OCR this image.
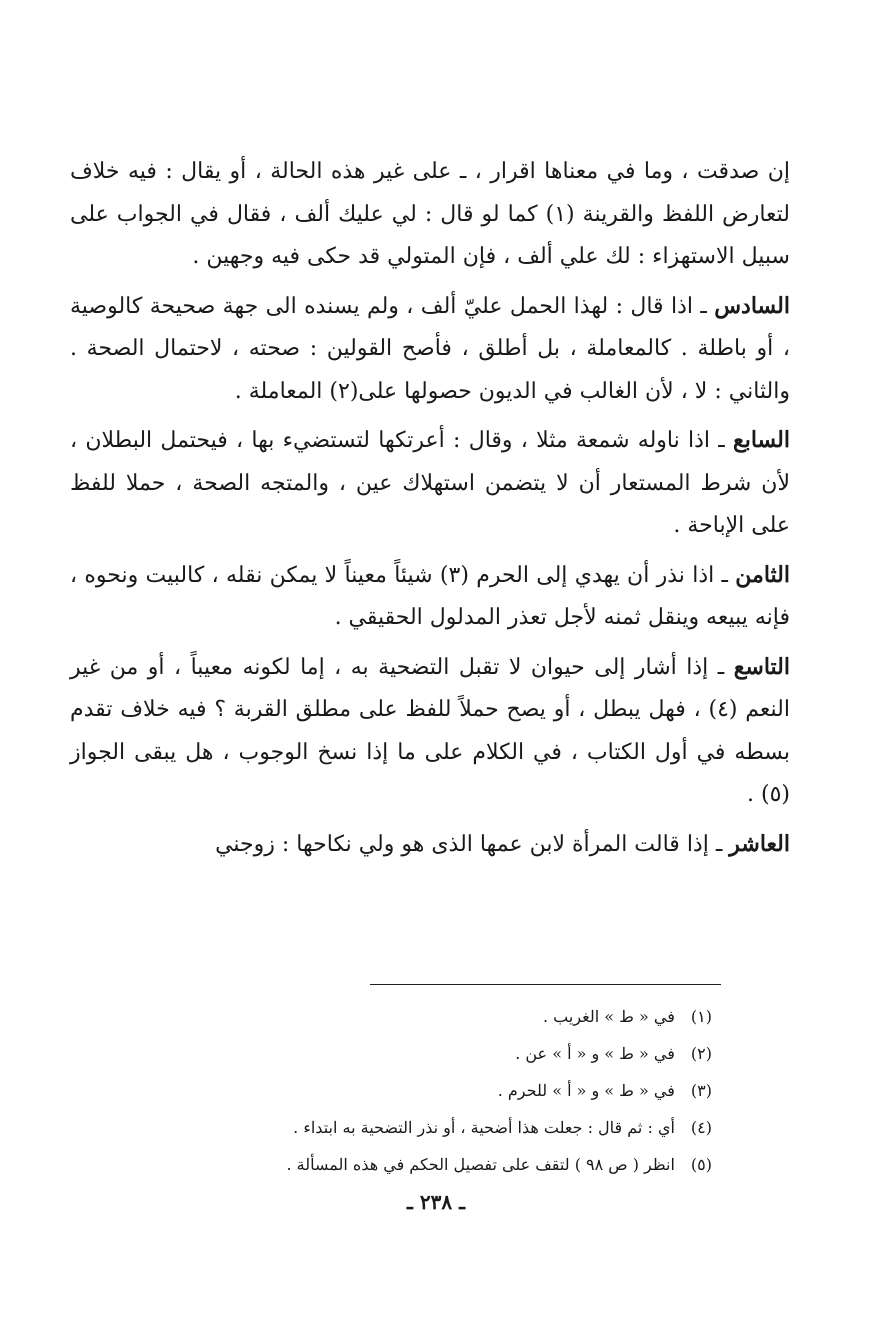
إن صدقت ، وما في معناها اقرار ، ـ على غير هذه الحالة ، أو يقال : فيه خلاف لتعارض اللفظ والقرينة (١) كما لو قال : لي عليك ألف ، فقال في الجواب على سبيل الاستهزاء : لك علي ألف ، فإن المتولي قد حكى فيه وجهين .

السادس ـ اذا قال : لهذا الحمل عليّ ألف ، ولم يسنده الى جهة صحيحة كالوصية ، أو باطلة . كالمعاملة ، بل أطلق ، فأصح القولين : صحته ، لاحتمال الصحة . والثاني : لا ، لأن الغالب في الديون حصولها على(٢) المعاملة .

السابع ـ اذا ناوله شمعة مثلا ، وقال : أعرتكها لتستضيء بها ، فيحتمل البطلان ، لأن شرط المستعار أن لا يتضمن استهلاك عين ، والمتجه الصحة ، حملا للفظ على الإباحة .

الثامن ـ اذا نذر أن يهدي إلى الحرم (٣) شيئاً معيناً لا يمكن نقله ، كالبيت ونحوه ، فإنه يبيعه وينقل ثمنه لأجل تعذر المدلول الحقيقي .

التاسع ـ إذا أشار إلى حيوان لا تقبل التضحية به ، إما لكونه معيباً ، أو من غير النعم (٤) ، فهل يبطل ، أو يصح حملاً للفظ على مطلق القربة ؟ فيه خلاف تقدم بسطه في أول الكتاب ، في الكلام على ما إذا نسخ الوجوب ، هل يبقى الجواز (٥) .

العاشر ـ إذا قالت المرأة لابن عمها الذى هو ولي نكاحها : زوجني

(١) في « ط » الغريب .

(٢) في « ط » و « أ » عن .

(٣) في « ط » و « أ » للحرم .

(٤) أي : ثم قال : جعلت هذا أضحية ، أو نذر التضحية به ابتداء .

(٥) انظر ( ص ٩٨ ) لتقف على تفصيل الحكم في هذه المسألة .

ـ ٢٣٨ ـ
